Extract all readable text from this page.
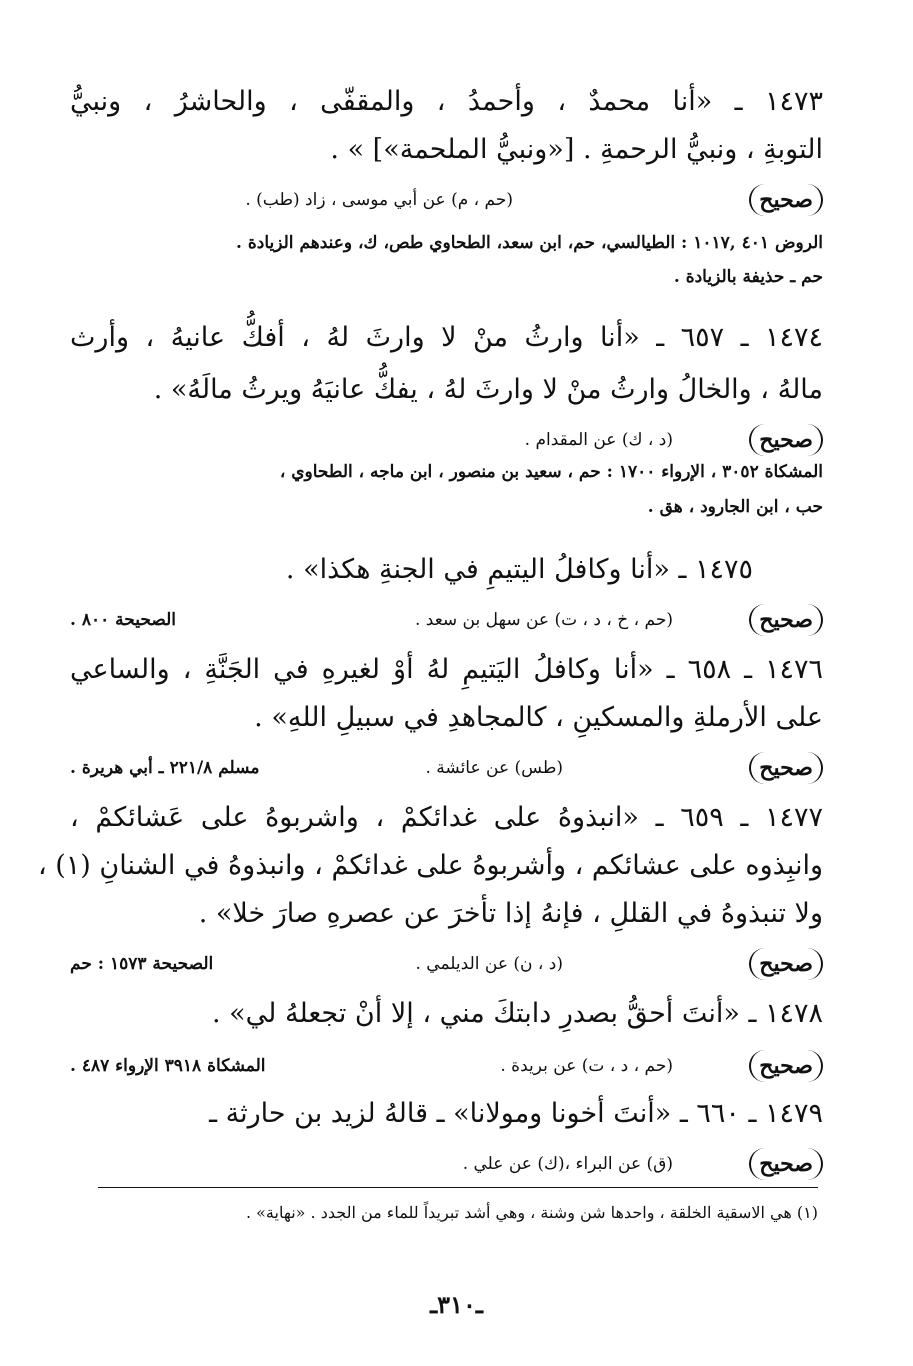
١٤٧٣ ـ «أنا محمدٌ ، وأحمدُ ، والمقفّى ، والحاشرُ ، ونبيُّ
التوبةِ ، ونبيُّ الرحمةِ . [«ونبيُّ الملحمة»] » .
صحيح
(حم ، م) عن أبي موسى ، زاد (طب) .
الروض ٤٠١ ,١٠١٧ : الطيالسي، حم، ابن سعد، الطحاوي طص، ك، وعندهم الزيادة .
حم ـ حذيفة بالزيادة .
١٤٧٤ ـ ٦٥٧ ـ «أنا وارثُ منْ لا وارثَ لهُ ، أفكُّ عانيهُ ، وأرث
مالهُ ، والخالُ وارثُ منْ لا وارثَ لهُ ، يفكُّ عانيَهُ ويرثُ مالَهُ» .
صحيح
(د ، ك) عن المقدام .
المشكاة ٣٠٥٢ ، الإرواء ١٧٠٠ : حم ، سعيد بن منصور ، ابن ماجه ، الطحاوي ،
حب ، ابن الجارود ، هق .
١٤٧٥ ـ «أنا وكافلُ اليتيمِ في الجنةِ هكذا» .
صحيح
(حم ، خ ، د ، ت) عن سهل بن سعد .
الصحيحة ٨٠٠ .
١٤٧٦ ـ ٦٥٨ ـ «أنا وكافلُ اليَتيمِ لهُ أوْ لغيرهِ في الجَنَّةِ ، والساعي
على الأرملةِ والمسكينِ ، كالمجاهدِ في سبيلِ اللهِ» .
صحيح
(طس) عن عائشة .
مسلم ٢٢١/٨ ـ أبي هريرة .
١٤٧٧ ـ ٦٥٩ ـ «انبذوهُ على غدائكمْ ، واشربوهُ على عَشائكمْ ،
وانبِذوه على عشائكم ، وأشربوهُ على غدائكمْ ، وانبذوهُ في الشنانِ (١) ،
ولا تنبذوهُ في القللِ ، فإنهُ إذا تأخرَ عن عصرهِ صارَ خلا» .
صحيح
(د ، ن) عن الديلمي .
الصحيحة ١٥٧٣ : حم
١٤٧٨ ـ «أنتَ أحقُّ بصدرِ دابتكَ مني ، إلا أنْ تجعلهُ لي» .
صحيح
(حم ، د ، ت) عن بريدة .
المشكاة ٣٩١٨ الإرواء ٤٨٧ .
١٤٧٩ ـ ٦٦٠ ـ «أنتَ أخونا ومولانا» ـ قالهُ لزيد بن حارثة ـ
صحيح
(ق) عن البراء ،(ك) عن علي .
(١) هي الاسقية الخلقة ، واحدها شن وشنة ، وهي أشد تبريداً للماء من الجدد . «نهاية» .
ـ٣١٠ـ
